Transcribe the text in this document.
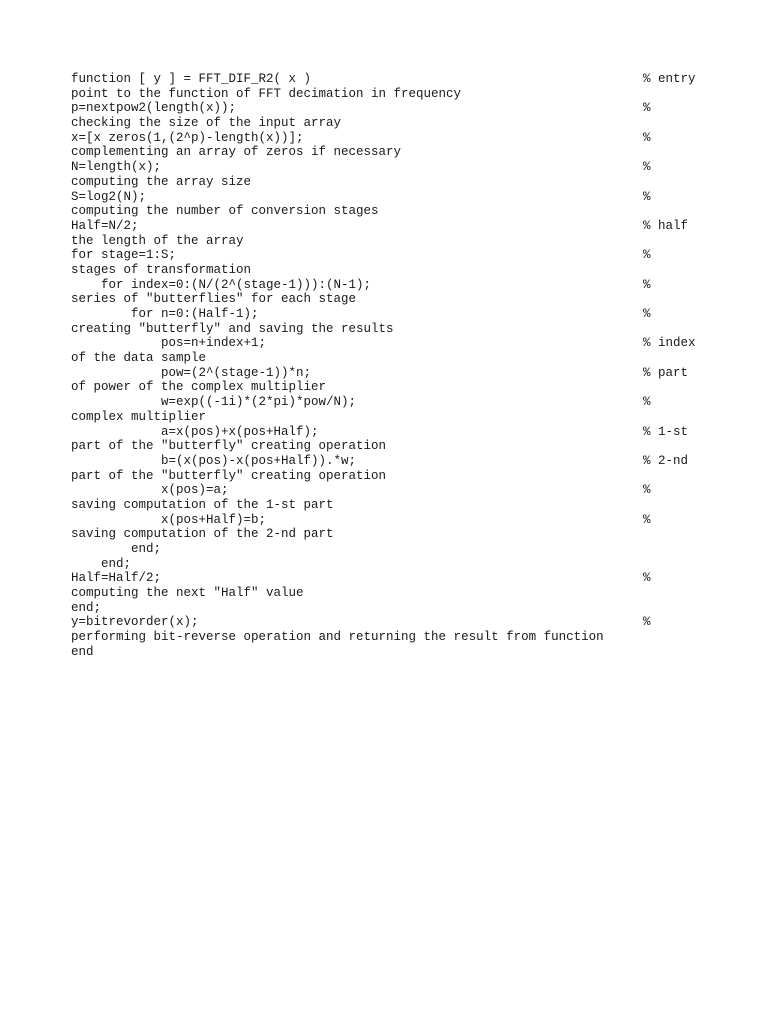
function [ y ] = FFT_DIF_R2( x )	% entry
point to the function of FFT decimation in frequency
p=nextpow2(length(x));	%
checking the size of the input array
x=[x zeros(1,(2^p)-length(x))];	%
complementing an array of zeros if necessary
N=length(x);	%
computing the array size
S=log2(N);	%
computing the number of conversion stages
Half=N/2;	% half
the length of the array
for stage=1:S;	%
stages of transformation
for index=0:(N/(2^(stage-1))):(N-1);	%
series of "butterflies" for each stage
for n=0:(Half-1);	%
creating "butterfly" and saving the results
pos=n+index+1;	% index
of the data sample
pow=(2^(stage-1))*n;	% part
of power of the complex multiplier
w=exp((-1i)*(2*pi)*pow/N);	%
complex multiplier
a=x(pos)+x(pos+Half);	% 1-st
part of the "butterfly" creating operation
b=(x(pos)-x(pos+Half)).*w;	% 2-nd
part of the "butterfly" creating operation
x(pos)=a;	%
saving computation of the 1-st part
x(pos+Half)=b;	%
saving computation of the 2-nd part
end;
end;
Half=Half/2;	%
computing the next "Half" value
end;
y=bitrevorder(x);	%
performing bit-reverse operation and returning the result from function
end
